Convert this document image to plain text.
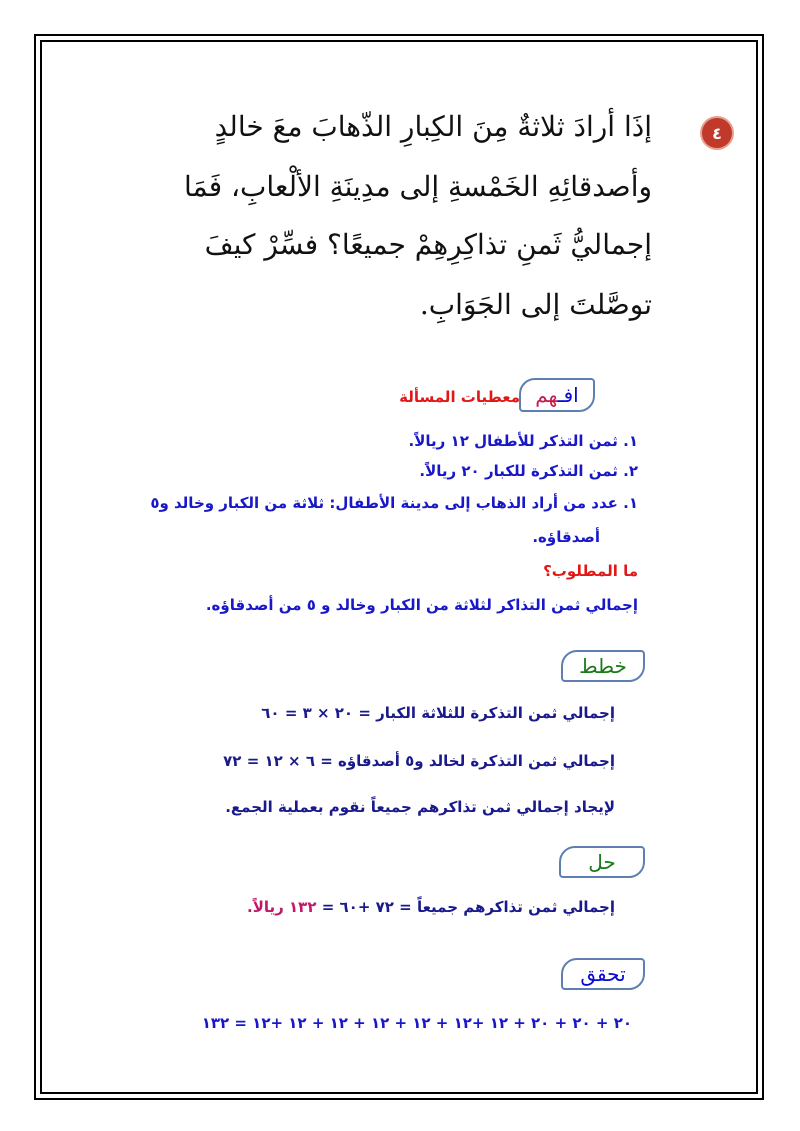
٤
إذَا أرادَ ثلاثةٌ مِنَ الكِبارِ الذّهابَ معَ خالدٍ
وأصدقائِهِ الخَمْسةِ إلى مدِينَةِ الألْعابِ، فَمَا
إجماليُّ ثَمنِ تذاكِرِهِمْ جميعًا؟ فسِّرْ كيفَ
توصَّلتَ إلى الجَوَابِ.
افـهم
معطيات المسألة
١. ثمن التذكر للأطفال ١٢ ريالاً.
٢. ثمن التذكرة للكبار ٢٠ ريالاً.
١. عدد من أراد الذهاب إلى مدينة الأطفال: ثلاثة من الكبار وخالد و٥
أصدقاؤه.
ما المطلوب؟
إجمالي ثمن التذاكر لثلاثة من الكبار وخالد و ٥ من أصدقاؤه.
خطط
إجمالي ثمن التذكرة للثلاثة الكبار = ٢٠ × ٣ = ٦٠
إجمالي ثمن التذكرة لخالد و٥ أصدقاؤه = ٦ × ١٢ = ٧٢
لإيجاد إجمالي ثمن تذاكرهم جميعاً نقوم بعملية الجمع.
حل
إجمالي ثمن تذاكرهم جميعاً = ٧٢ +٦٠ = ١٣٢ ريالاً.
تحقق
٢٠ + ٢٠ + ٢٠ + ١٢ +١٢ + ١٢ + ١٢ + ١٢ + ١٢ +١٢ = ١٣٢
